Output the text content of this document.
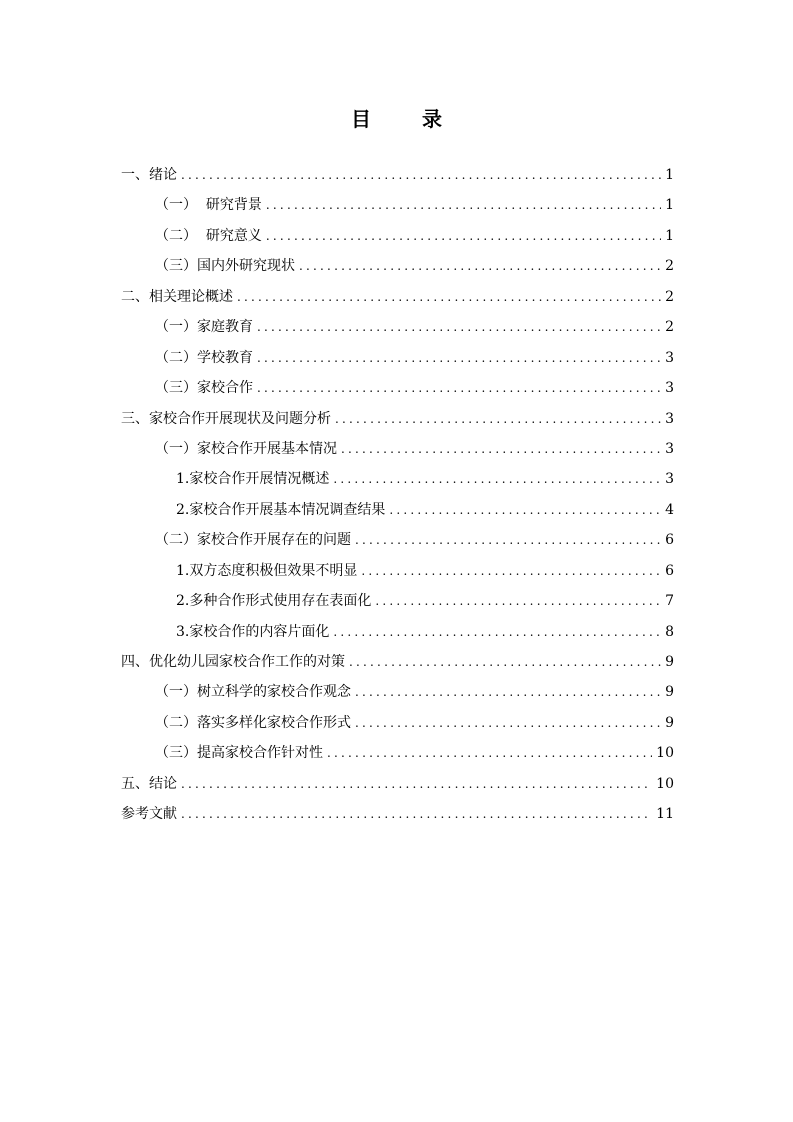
目 录
一、绪论 .....	1
（一）  研究背景 .....	1
（二）  研究意义 .....	1
（三）国内外研究现状 .....	2
二、相关理论概述 .....	2
（一）家庭教育 .....	2
（二）学校教育 .....	3
（三）家校合作 .....	3
三、家校合作开展现状及问题分析 .....	3
（一）家校合作开展基本情况 .....	3
1.家校合作开展情况概述 .....	3
2.家校合作开展基本情况调查结果 .....	4
（二）家校合作开展存在的问题 .....	6
1.双方态度积极但效果不明显 .....	6
2.多种合作形式使用存在表面化 .....	7
3.家校合作的内容片面化 .....	8
四、优化幼儿园家校合作工作的对策 .....	9
（一）树立科学的家校合作观念 .....	9
（二）落实多样化家校合作形式 .....	9
（三）提高家校合作针对性 .....	10
五、结论 .....	10
参考文献 .....	11
